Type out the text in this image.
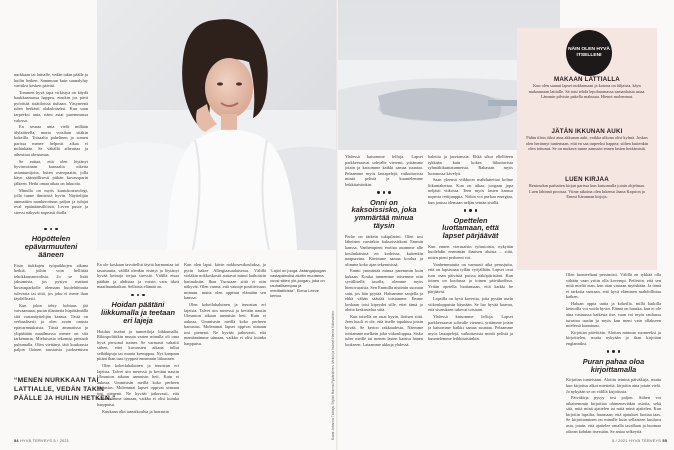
nurkkaan tai lattialle, vedän takin päälle ja huilin hetken. Sammuun kuin saunalyhty varttiksi kesken päivää.

Tommen hyvä tapa virkistyä on käydä haukkaamassa happea, etenkin jos pävä pyörittää sisätiloissa tiuhaan. Väsyneenä tulen herkästi alakuloiseksi. Kun saan tarpeeksi unta, näen asiat paremmassa valossa.

En seuraa unta vielä millään älylaitteella, mutta voisihan sitäkin kokeilla. Toisaalta pahelinen ja somen parissa menee helposti aikaa ei mihinkään. Se vähällä aiheuttaa ja aiheuttaa ahvuumaa.

Se auttaa, että olen löytänyt hyvinvoinnin kanssalta oikeita asiantuntijoita, kuten osteopaatin, jolla käyn säännöllisesti pitkän kuvausparin jälkeen. Hetki omaa aikaa on lukuoita.

Minulla on myös kuntokostseolegi, jolla tunne ihmisistä hyvin. Näyttelijän ammattiin mankeroituun paljon ja tulajat oval epäinäänsillöistä. Leven puute ja stressi näkyvät nopeasti iholla.

Höpöttelen epävarmuuteni ääneen

Etsin tiukkojen työpaikkojen aikana hetkiä, joihin voin hellittää tehokkuusmoodista. Jo se lisää jaksamista, jos pystyn mattaat kuvausparkolle olemaan huolehtimatta tulevasta tai siitä, jos joku ei mene ihan täydellisesti.

Kun jokin tehty kohtaus jää vaivaamaan, puran tilannetta hüpöttämällä sitä vastanäyttelijän kanssa. Tästä on verbaalisesti ja olen avoin omista epävarmuuksista. Tässä ammatissa ja ylipäätään maailmassa menee on sitä tarkemmin. Mieluisasta tekomist pentaoh puhumalla. Olen viettänyt tätä kuukausia paljon Iloinen taustaisia juoksemisen

“MENEN NURKKAAN TAI LATTIALLE, VEDÄN TAKIN PÄÄLLE JA HUILIN HETKEN.”
"Lajini on jooga. Astangajoogan vastapainoksi aloitin muutama vuosi sitten yin-joogan, joka on rauhallisempaa ja meditatiivista", Elena Leeve kertoo.

En ole koskaan tavoitellut täyttä harmoniaa tai tasaisuutta, välillä olenkin etsinyt ja löytänyt hyvää keinoja torjua stressiä. Välillä etsaa päähän ja ahdistaa ja voisin vain itkeä maailmankaikua. Sellaista elämää on.

Hoidan päätäni liikkumalla ja teetaan eri lajeja

Hoidan itseäni ja tunnetiloja liikkumalla. Rikospolitiikin muuta varten minulla oli oma hyvä personal trainer. Se varmasti vahaitti siihen, ettei kuvausten aikana tullut selkäkipuja tai muuta kremppaa. Nyt kanpaan pitäni ihan taas tyyppeä ennenmin liikunnen.

Olen kokeiluhaluinen ja innostun eri lajeista. Talvet uin meressä ja kevään nautin Ulmaston aikaan aamuisin heti. Kuin ei aukeaa. Ummistsin meillä koko perheen harrastus. Molemmat lapset oppivat uimaan tosi pienenä. Ne hyväät jatkuvasti, että mentämämme uimaan, vaikka ei olisi kuinka harppaisu.

Kuukaan olin tanssikoulua ja harrastin

Kun olen lapsi, kävin nokkosesikouluksa, ja pyrin hakee Allergiaasaalaisessa. Välillä vieläkin nokkoskostit auttavat minut kaihoisiin hartauksiin. Ihan Vuosiaan siitä ei niin näkyvät. Olen varma, että vainoje positiivisuus minuun. mutta olen oppinut elämään sen kanssa.

Olen kokeiluhaluinen ja innostun eri lajeista. Talvet uin meressä ja kevään nautin Ulmaston aikaan aamuisin heti. Kuin ei aukeaa. Ummistsin meillä koko perheen harrastus. Molemmat lapset oppivat uimaan tosi pienenä. Ne hyväät jatkuvasti, että mentämämme uimaan, vaikka ei olisi kuinka harppaisu.	Kuvat Johanna Tiuttaja. Stylisti Hanna Pylvänäinen. Meikki ja hiukset Hanna Väkeväinen.
54 HYVÄ TERVEYS 5 / 2021

balettia ja jazztanssia. Ehkä sikui ellelliteen tykkään kuin kokea liikuttavista ryhmäliikuntatunneista. Rakastan myös luonnossa kävelyä.

Saan yleensä viikkoon mahduttettua kolme liikuntakertaa. Kun on aikaa, joogaan jopa neljästi viikossa. Teen myös lasten kanssa noperia rettijunppia. Nöhin voi purkaa energiaa, kun joutuu olemaan neljän seinän sisällä.

Opettelen luottamaan, että lapset pärjäävät

Kun ennen vierasaisin työasioista, nykyään huolehdin enemmän ihmisen aluista – siitä, miten pieni perheeni voi.

Vanhemmuutta on varmasti aika perusjuttu, että on lapsistaan tyllän vyöjällään. Lapset ovat ison osan päivästä poissa näköpiiristäni. Kun toinen on koulussa ja toinen päiväkodissa. Yritän opetella luottamaan, että kaikki he pärjäävät.

Lapsilla on hyvä kaverita, joita pystän usein viikonloppuisin käynään. Se luo hyvää kaavaa, että sisaruksen tukevat toisiaan.

Yhdessä katsomme leffoja. Lapset parkkeeraavat sohvalle vieremi, yritämme jotain ja katsomme kaikki samaa suuntaa. Pelaamme myös lautapelejä, vaikuttavista miniä pelistä ja kuuntelemme leikkitaisiinkin.

Yhdessä katsomme leffoja. Lapset parkkeeraavat sohvalle vieremi, yritämme jotain ja katsomme kaikki samaa suuntaa. Pelaamme myös lautapelejä, vaikuttavista miniä pelistä ja kuuntelemme leikkitaisiinkin.

Onni on kaksoissisko, joka ymmärtää minua täysin

Perhe on tärkein tukipilarini. Olen tosi läheinen varsinkin kaksoissiskoni Emmin kanssa. Vanhempieni erottua asuimme alle kouluikäisinä en kodeissa, kuitenkin naapureina. Kävimme samaa koulua ja olimme koko ajan tekemisissä.

Emmi ymmärtää minua paremmin kuin kukaan. Kouka tunnemme toisemme niin syvällisellä tasolla, olemme myös hienovaraisia. Sen Emmilla aistimin suoraan sain, jos hän pyytää. Haluamme sanjella ja ehkä vähän säästää toisiamme. Emme koskaan toisi kipeydet sille, ettei tämä jo aloita keskustelua siitä.

Kun toisella on asiat hyvin, iloitsen siitä. Jeen huoli ei ole, että itselle tapahtuu jotain hyvää. Se kertoo rakkaudesta. Näemme toisiamme melkein joka viikonloppua. Sisko tulee meille tai menen lasten kanssa hänen luokseen. Lataamme akkuja yhdessä.

MAKAAN LATTIALLA
Kun olen saanut lapset nukkumaan ja kotona on hiljaista, käyn makaamaan lattialle. Sä taisi tehdä lepohuomassa samanlaista asiaa. Lämmin pilvisin pakella makuuta. Hienot molemmat.
JÄTÄN IKKUNAN AUKI
Pidän tilsin öiksi aina akkunan auki, vaikka ulkona olisi kylmä. Joskus olen herännyt tuntemaan, että en saa tarpeeksi happea; siihen kuitenkin olen tottunut. Se on mukava tunne aamusin ennen lasten heräämistä.
LUEN KIRJAA
Rentoudun parhaiten kirjan parissa kun katsomalla jotain ohjelmaa. Luen lähinnä proosaa. Viime aikoina olen lukenut Jaana Kaprion ja Emmi Itärannan kirjoja.
NÄIN OLEN HYVÄ ITSELLENI

Olen luonteeltani pessimisti. Välillä en tykkää olla vähään vaan yritin olla kovempi. Peilestin, että sen mitä mieltä otan, kun otan vastaan myöskään. Ja tämä ei tarkoita suoraan, että hyvä eläminen mahdollistaa kaiken.

Haluan oppia uutta ja kokeilla, millä kaikilla keinoilla voi voida hyvin. Elämä on hauska, kun ei ole aina vastuussa kaikesta itse, vaan voi myös rauhassa tutustua uusiin ja myös kun meni vain ollakseen mielessä kunniaasi.

Kirjoitan päivittäin. Aloitan minuun suomeeksi ja kirjoittelen, mutta nykyään jo ihan kirjoitan englanniksi.

Puran pahaa oloa kirjoittamalla

Kirjoitan tunteistani. Aloitin teininä päiväkirja, mutta kun kirjoitus alkoi mietteitä, kirjoitin aina jotain vielä. Ja nykyään se on välillä kirjoitusta.

Päiväkirja pysyy tosi paljon. Siihen voi aikaisemmin kirjoittaa ohimeneviäkin asioita, sekä sitä, mitä minä ajattelen tai mitä minä ajattelen. Kun kirjoitin lapsilta, huomaan, että ajatukset luottaa taas. Se kirjoittaminen on minulle kuin sellaiseen kuuluva asia, jotain, että ajattelee omalla tavallaan ja huomaa oikean kohdan itsessään. Se antaa selkeyttä.

5 / 2021 HYVÄ TERVEYS 55
